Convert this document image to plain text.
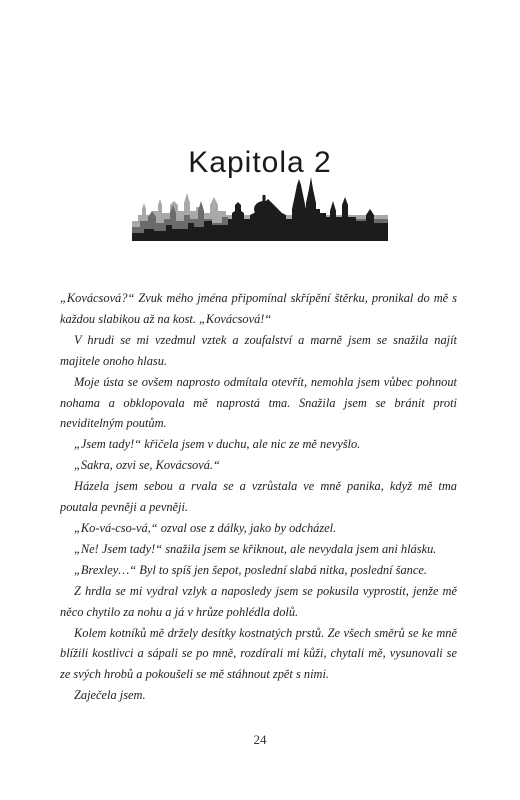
Kapitola 2

„Kovácsová?“ Zvuk mého jména připomínal skřípění štěrku, pronikal do mě s každou slabikou až na kost. „Kovácsová!“

V hrudi se mi vzedmul vztek a zoufalství a marně jsem se snažila najít majitele onoho hlasu.

Moje ústa se ovšem naprosto odmítala otevřít, nemohla jsem vůbec pohnout nohama a obklopovala mě naprostá tma. Snažila jsem se bránit proti neviditelným poutům.

„Jsem tady!“ křičela jsem v duchu, ale nic ze mě nevyšlo.

„Sakra, ozvi se, Kovácsová.“

Házela jsem sebou a rvala se a vzrůstala ve mně panika, když mě tma poutala pevněji a pevněji.

„Ko-vá-cso-vá,“ ozval ose z dálky, jako by odcházel.

„Ne! Jsem tady!“ snažila jsem se křiknout, ale nevydala jsem ani hlásku.

„Brexley…“ Byl to spíš jen šepot, poslední slabá nitka, poslední šance.

Z hrdla se mi vydral vzlyk a naposledy jsem se pokusila vyprostit, jenže mě něco chytilo za nohu a já v hrůze pohlédla dolů.

Kolem kotníků mě držely desítky kostnatých prstů. Ze všech směrů se ke mně blížili kostlivci a sápali se po mně, rozdírali mi kůži, chytali mě, vysunovali se ze svých hrobů a pokoušeli se mě stáhnout zpět s nimi.

Zaječela jsem.

24
